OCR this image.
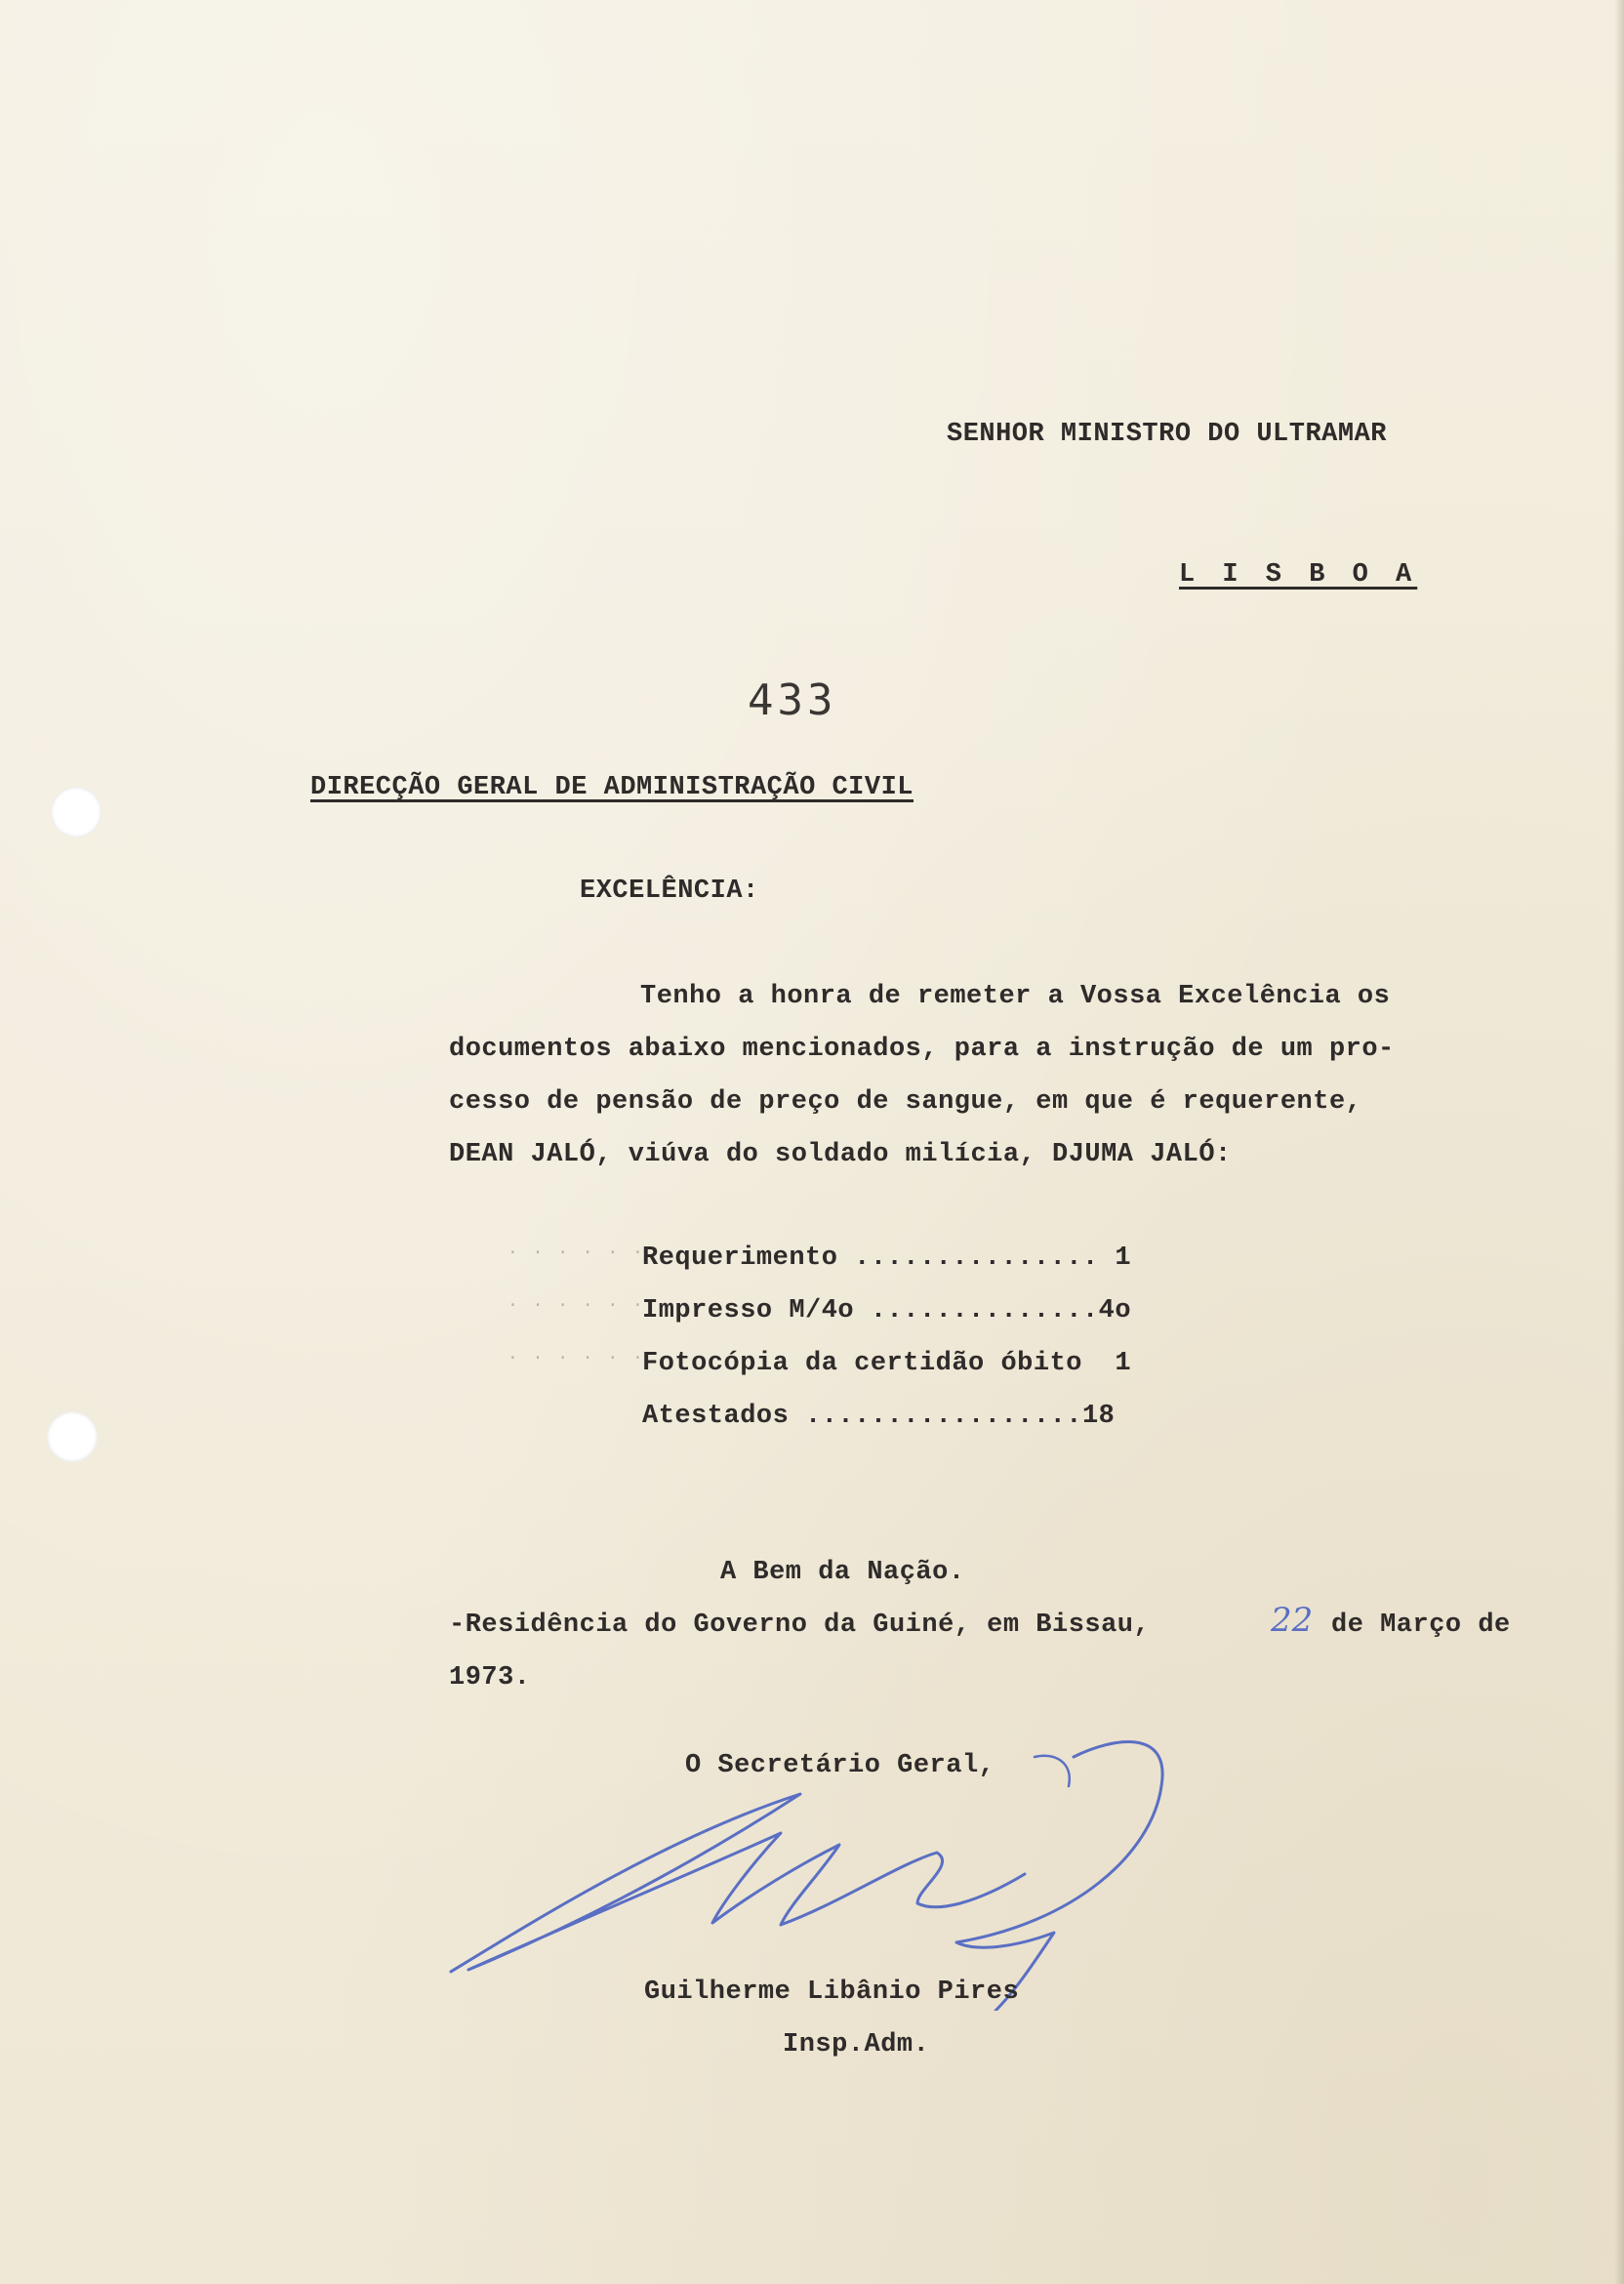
SENHOR MINISTRO DO ULTRAMAR
L I S B O A
433
DIRECÇÃO GERAL DE ADMINISTRAÇÃO CIVIL
EXCELÊNCIA:
Tenho a honra de remeter a Vossa Excelência os
documentos abaixo mencionados, para a instrução de um pro-
cesso de pensão de preço de sangue, em que é requerente,
DEAN JALÓ, viúva do soldado milícia, DJUMA JALÓ:
. . . . . .
. . . . . .
. . . . . .
Requerimento ............... 1
Impresso M/4o ..............4o
Fotocópia da certidão óbito  1
Atestados .................18
A Bem da Nação.
-Residência do Governo da Guiné, em Bissau,	22 de Março de
1973.
O Secretário Geral,
Guilherme Libânio Pires
Insp.Adm.
